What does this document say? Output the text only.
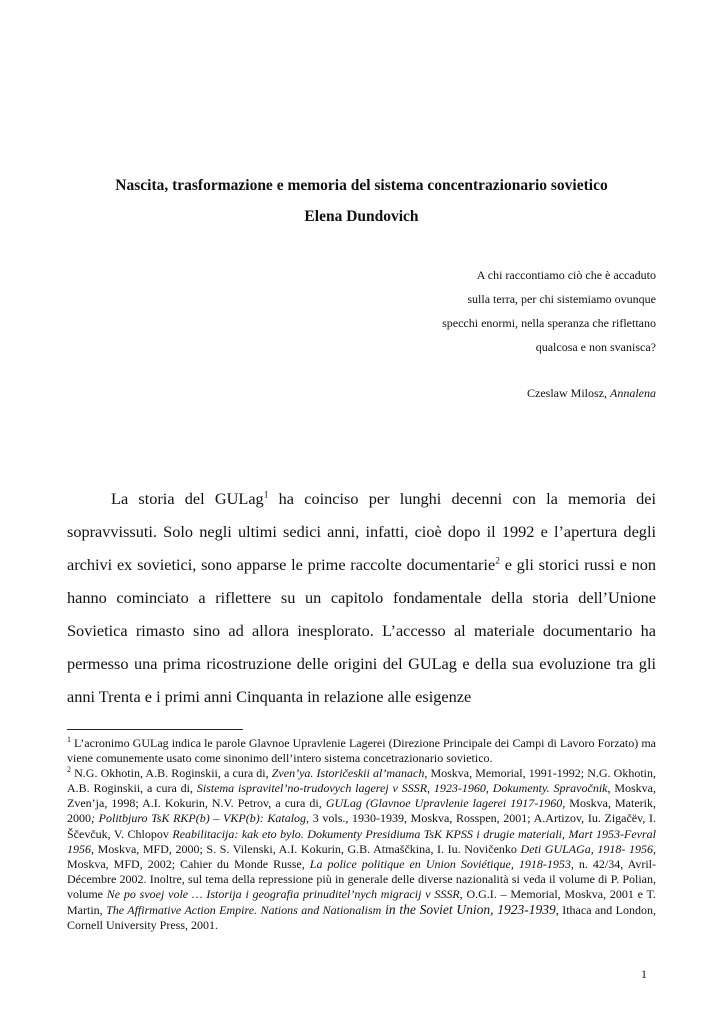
Nascita, trasformazione e memoria del sistema concentrazionario sovietico
Elena Dundovich
A chi raccontiamo ciò che è accaduto
sulla terra, per chi sistemiamo ovunque
specchi enormi, nella speranza che riflettano
qualcosa e non svanisca?
Czeslaw Milosz, Annalena

La storia del GULag$^1$ ha coinciso per lunghi decenni con la memoria dei sopravvissuti. Solo negli ultimi sedici anni, infatti, cioè dopo il 1992 e l’apertura degli archivi ex sovietici, sono apparse le prime raccolte documentarie$^2$ e gli storici russi e non hanno cominciato a riflettere su un capitolo fondamentale della storia dell’Unione Sovietica rimasto sino ad allora inesplorato. L’accesso al materiale documentario ha permesso una prima ricostruzione delle origini del GULag e della sua evoluzione tra gli anni Trenta e i primi anni Cinquanta in relazione alle esigenze

$^1$ L’acronimo GULag indica le parole Glavnoe Upravlenie Lagerei (Direzione Principale dei Campi di Lavoro Forzato) ma viene comunemente usato come sinonimo dell’intero sistema concetrazionario sovietico.

$^2$ N.G. Okhotin, A.B. Roginskii, a cura di, Zven’ya. Istoričeskii al’manach, Moskva, Memorial, 1991-1992; N.G. Okhotin, A.B. Roginskii, a cura di, Sistema ispravitel’no-trudovych lagerej v SSSR, 1923-1960, Dokumenty. Spravočnik, Moskva, Zven’ja, 1998; A.I. Kokurin, N.V. Petrov, a cura di, GULag (Glavnoe Upravlenie lagerei 1917-1960, Moskva, Materik, 2000; Politbjuro TsK RKP(b) – VKP(b): Katalog, 3 vols., 1930-1939, Moskva, Rosspen, 2001; A.Artizov, Iu. Zigačëv, I. Ščevčuk, V. Chlopov Reabilitacija: kak eto bylo. Dokumenty Presidiuma TsK KPSS i drugie materiali, Mart 1953-Fevral 1956, Moskva, MFD, 2000; S. S. Vilenski, A.I. Kokurin, G.B. Atmaščkina, I. Iu. Novičenko Deti GULAGa, 1918- 1956, Moskva, MFD, 2002; Cahier du Monde Russe, La police politique en Union Soviétique, 1918-1953, n. 42/34, Avril-Décembre 2002. Inoltre, sul tema della repressione più in generale delle diverse nazionalità si veda il volume di P. Polian, volume Ne po svoej vole … Istorija i geografia prinuditel’nych migracij v SSSR, O.G.I. – Memorial, Moskva, 2001 e T. Martin, The Affirmative Action Empire. Nations and Nationalism in the Soviet Union, 1923-1939, Ithaca and London, Cornell University Press, 2001.

1
